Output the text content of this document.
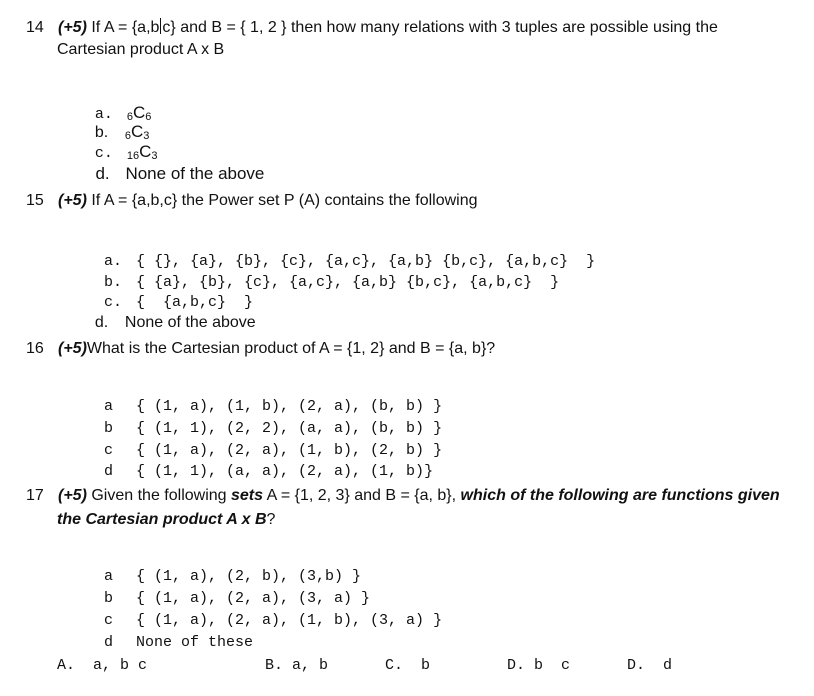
14 (+5) If A = {a,b c} and B = { 1, 2 } then how many relations with 3 tuples are possible using the
Cartesian product A x B

a. $6C_6$

b. $6C_3$

c. $16C_3$

d. None of the above

15 (+5) If A = {a,b,c} the Power set P (A) contains the following

a. { {}, {a}, {b}, {c}, {a,c}, {a,b} {b,c}, {a,b,c}  }

b. { {a}, {b}, {c}, {a,c}, {a,b} {b,c}, {a,b,c}  }

c. {  {a,b,c}  }

d. None of the above

16 (+5)What is the Cartesian product of A = {1, 2} and B = {a, b}?

a { (1, a), (1, b), (2, a), (b, b) }

b { (1, 1), (2, 2), (a, a), (b, b) }

c { (1, a), (2, a), (1, b), (2, b) }

d { (1, 1), (a, a), (2, a), (1, b)}

17 (+5) Given the following sets A = {1, 2, 3} and B = {a, b}, which of the following are functions given
the Cartesian product A x B?

a { (1, a), (2, b), (3,b) }

b { (1, a), (2, a), (3, a) }

c { (1, a), (2, a), (1, b), (3, a) }

d None of these

A.  a, b c	B. a, b	C.  b	D. b  c	D.  d
